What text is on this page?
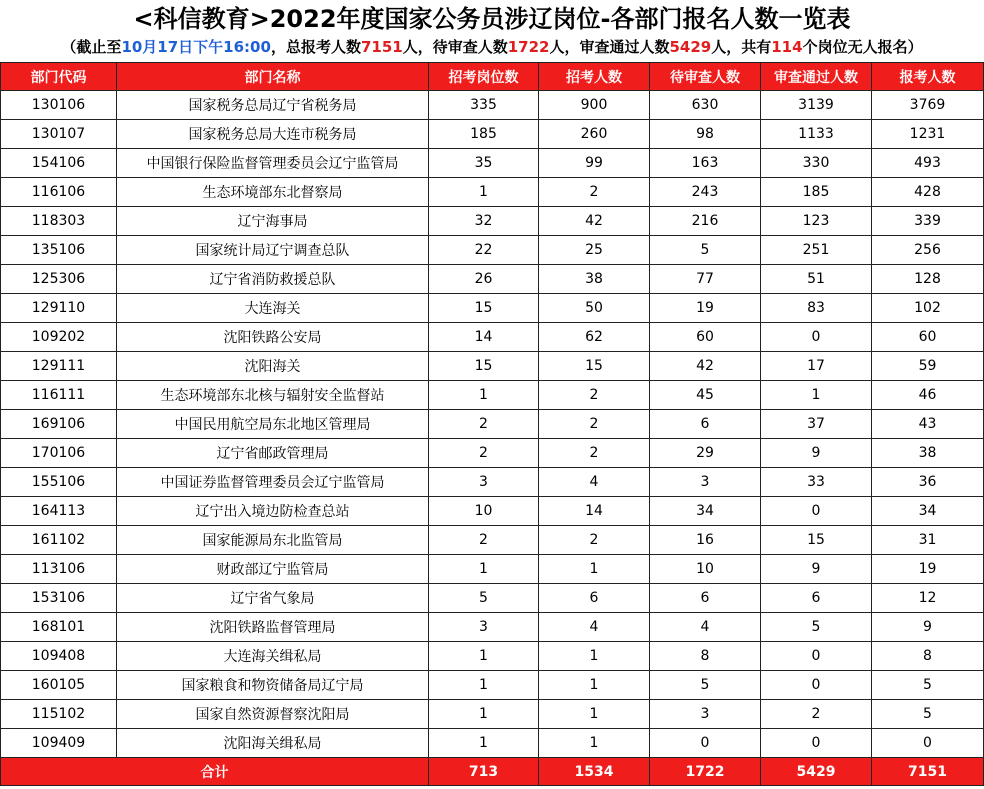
<科信教育>2022年度国家公务员涉辽岗位-各部门报名人数一览表
（截止至10月17日下午16:00，总报考人数7151人，待审查人数1722人，审查通过人数5429人，共有114个岗位无人报名）
部门代码	部门名称	招考岗位数	招考人数	待审查人数	审查通过人数	报考人数
130106	国家税务总局辽宁省税务局	335	900	630	3139	3769
130107	国家税务总局大连市税务局	185	260	98	1133	1231
154106	中国银行保险监督管理委员会辽宁监管局	35	99	163	330	493
116106	生态环境部东北督察局	1	2	243	185	428
118303	辽宁海事局	32	42	216	123	339
135106	国家统计局辽宁调查总队	22	25	5	251	256
125306	辽宁省消防救援总队	26	38	77	51	128
129110	大连海关	15	50	19	83	102
109202	沈阳铁路公安局	14	62	60	0	60
129111	沈阳海关	15	15	42	17	59
116111	生态环境部东北核与辐射安全监督站	1	2	45	1	46
169106	中国民用航空局东北地区管理局	2	2	6	37	43
170106	辽宁省邮政管理局	2	2	29	9	38
155106	中国证券监督管理委员会辽宁监管局	3	4	3	33	36
164113	辽宁出入境边防检查总站	10	14	34	0	34
161102	国家能源局东北监管局	2	2	16	15	31
113106	财政部辽宁监管局	1	1	10	9	19
153106	辽宁省气象局	5	6	6	6	12
168101	沈阳铁路监督管理局	3	4	4	5	9
109408	大连海关缉私局	1	1	8	0	8
160105	国家粮食和物资储备局辽宁局	1	1	5	0	5
115102	国家自然资源督察沈阳局	1	1	3	2	5
109409	沈阳海关缉私局	1	1	0	0	0
合计		713	1534	1722	5429	7151
